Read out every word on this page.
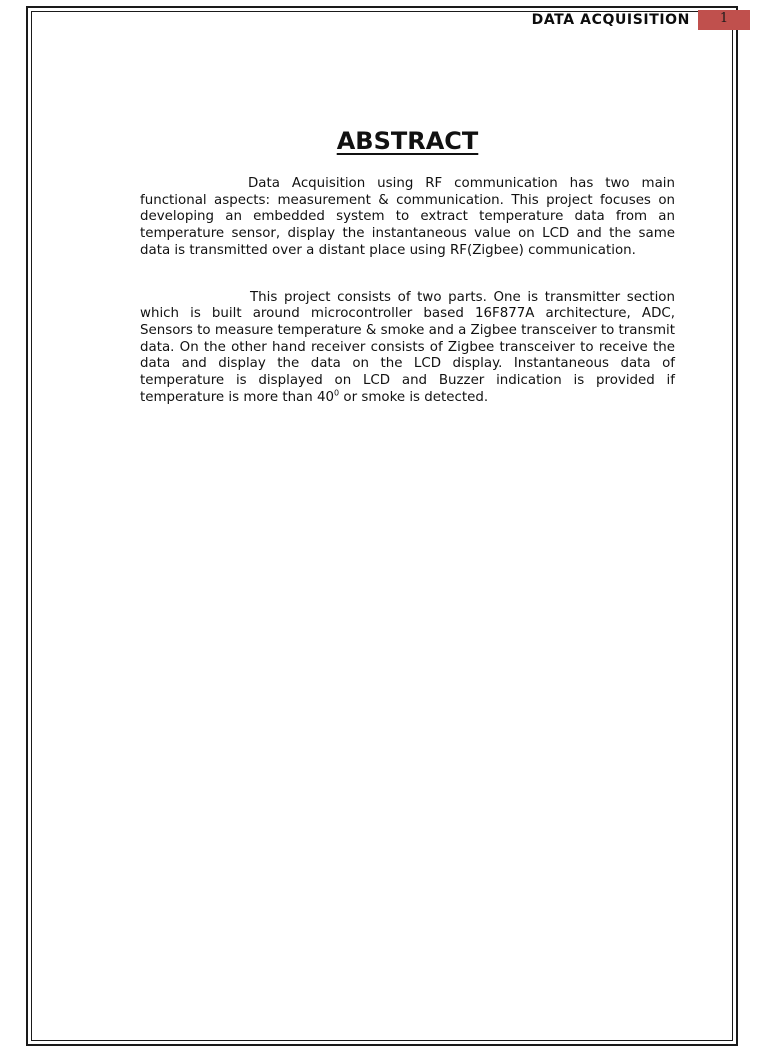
DATA ACQUISITION	1
ABSTRACT

Data Acquisition using RF communication has two main functional aspects: measurement & communication. This project focuses on developing an embedded system to extract temperature data from an temperature sensor, display the instantaneous value on LCD and the same data is transmitted over a distant place using RF(Zigbee) communication.

This project consists of two parts. One is transmitter section which is built around microcontroller based 16F877A architecture, ADC, Sensors to measure temperature & smoke and a Zigbee transceiver to transmit data. On the other hand receiver consists of Zigbee transceiver to receive the data and display the data on the LCD display. Instantaneous data of temperature is displayed on LCD and Buzzer indication is provided if temperature is more than $40^0$ or smoke is detected.
